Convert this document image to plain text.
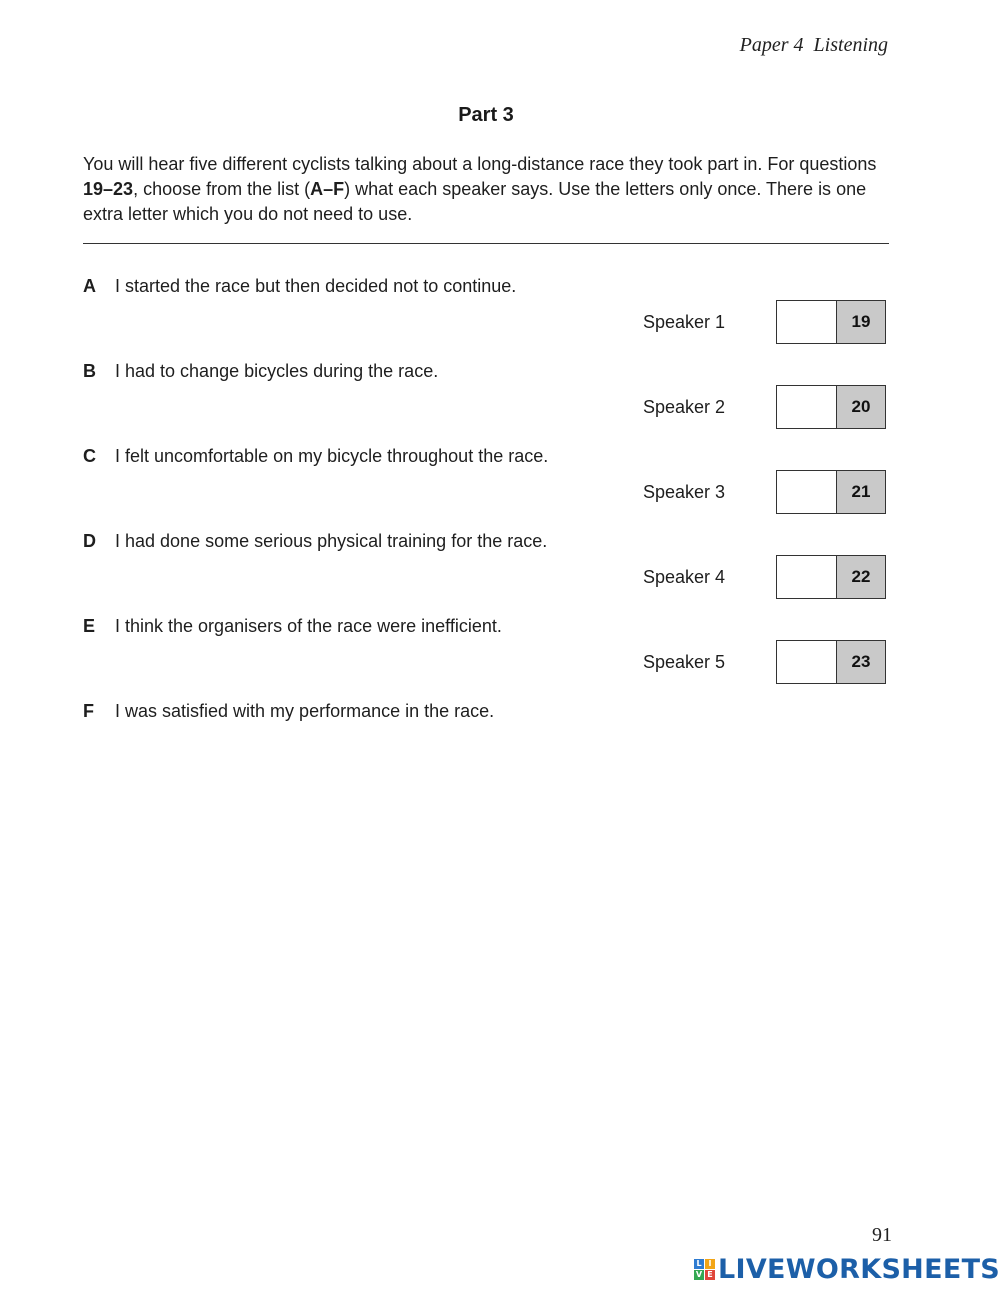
Paper 4 Listening
Part 3
You will hear five different cyclists talking about a long-distance race they took part in. For questions 19–23, choose from the list (A–F) what each speaker says. Use the letters only once. There is one extra letter which you do not need to use.
A	I started the race but then decided not to continue.
B	I had to change bicycles during the race.
C	I felt uncomfortable on my bicycle throughout the race.
D	I had done some serious physical training for the race.
E	I think the organisers of the race were inefficient.
F	I was satisfied with my performance in the race.
Speaker 1	19
Speaker 2	20
Speaker 3	21
Speaker 4	22
Speaker 5	23
91
L I
V E LIVEWORKSHEETS
